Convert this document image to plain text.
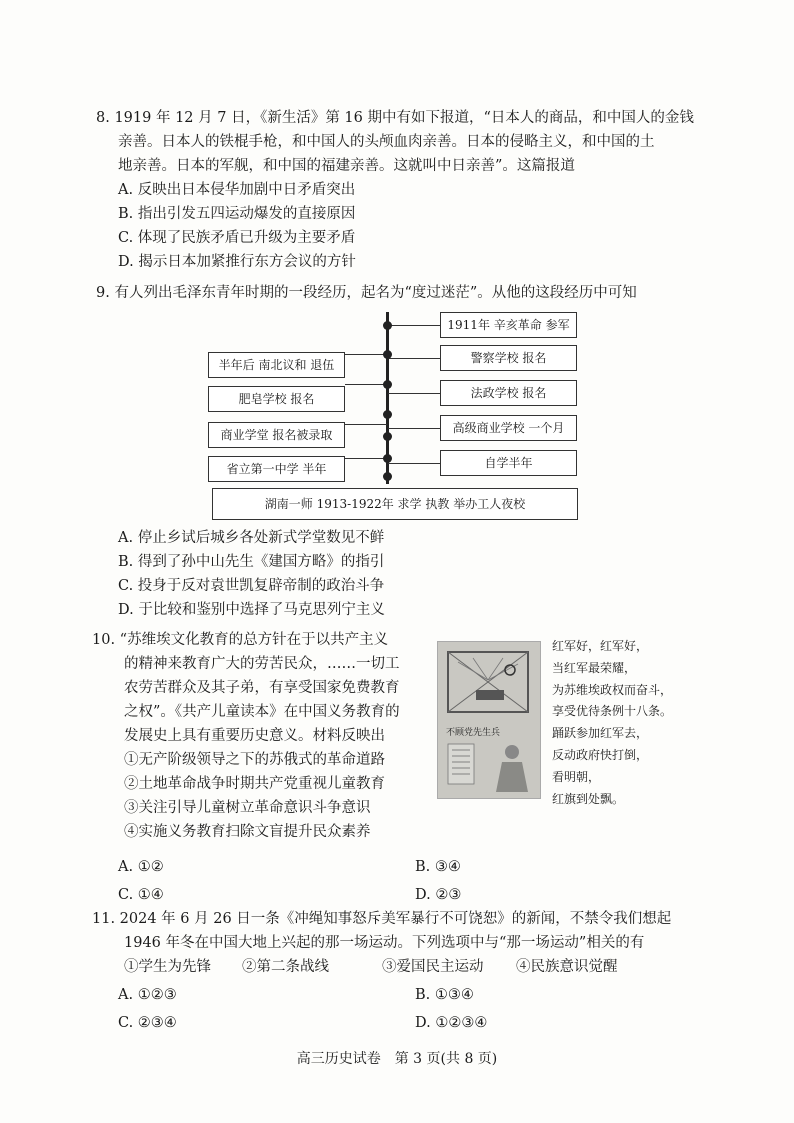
8. 1919 年 12 月 7 日，《新生活》第 16 期中有如下报道，“日本人的商品，和中国人的金钱
亲善。日本人的铁棍手枪，和中国人的头颅血肉亲善。日本的侵略主义，和中国的土
地亲善。日本的军舰，和中国的福建亲善。这就叫中日亲善”。这篇报道
A. 反映出日本侵华加剧中日矛盾突出
B. 指出引发五四运动爆发的直接原因
C. 体现了民族矛盾已升级为主要矛盾
D. 揭示日本加紧推行东方会议的方针
9. 有人列出毛泽东青年时期的一段经历，起名为“度过迷茫”。从他的这段经历中可知
1911年 辛亥革命 参军
警察学校 报名
法政学校 报名
高级商业学校 一个月
自学半年
半年后 南北议和 退伍
肥皂学校 报名
商业学堂 报名被录取
省立第一中学 半年
湖南一师 1913-1922年 求学 执教 举办工人夜校
A. 停止乡试后城乡各处新式学堂数见不鲜
B. 得到了孙中山先生《建国方略》的指引
C. 投身于反对袁世凯复辟帝制的政治斗争
D. 于比较和鉴别中选择了马克思列宁主义
10. “苏维埃文化教育的总方针在于以共产主义
的精神来教育广大的劳苦民众，……一切工
农劳苦群众及其子弟，有享受国家免费教育
之权”。《共产儿童读本》在中国义务教育的
发展史上具有重要历史意义。材料反映出
①无产阶级领导之下的苏俄式的革命道路
②土地革命战争时期共产党重视儿童教育
③关注引导儿童树立革命意识斗争意识
④实施义务教育扫除文盲提升民众素养
不顾党先生兵
红军好，红军好，
当红军最荣耀，
为苏维埃政权而奋斗，
享受优待条例十八条。
踊跃参加红军去，
反动政府快打倒，
看明朝，
红旗到处飘。
A. ①②	B. ③④
C. ①④	D. ②③
11. 2024 年 6 月 26 日一条《冲绳知事怒斥美军暴行不可饶恕》的新闻，不禁令我们想起
1946 年冬在中国大地上兴起的那一场运动。下列选项中与“那一场运动”相关的有
①学生为先锋	②第二条战线	③爱国民主运动	④民族意识觉醒
A. ①②③	B. ①③④
C. ②③④	D. ①②③④
高三历史试卷　第 3 页(共 8 页)
